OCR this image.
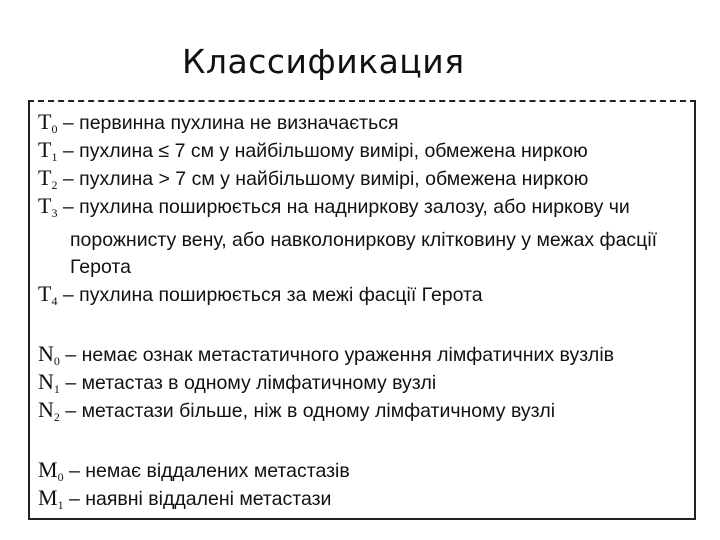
Классификация
$T_0$ – первинна пухлина не визначається
$T_1$ – пухлина ≤ 7 см у найбільшому вимірі, обмежена ниркою
$T_2$ – пухлина > 7 см у найбільшому вимірі, обмежена ниркою
$T_3$ – пухлина поширюється на надниркову залозу, або ниркову чи
порожнисту вену, або навколониркову клітковину у межах фасції
Герота
$T_4$ – пухлина поширюється за межі фасції Герота
$N_0$ – немає ознак метастатичного ураження лімфатичних вузлів
$N_1$ – метастаз в одному лімфатичному вузлі
$N_2$ – метастази більше, ніж в одному лімфатичному вузлі
$M_0$ – немає віддалених метастазів
$M_1$ – наявні віддалені метастази
